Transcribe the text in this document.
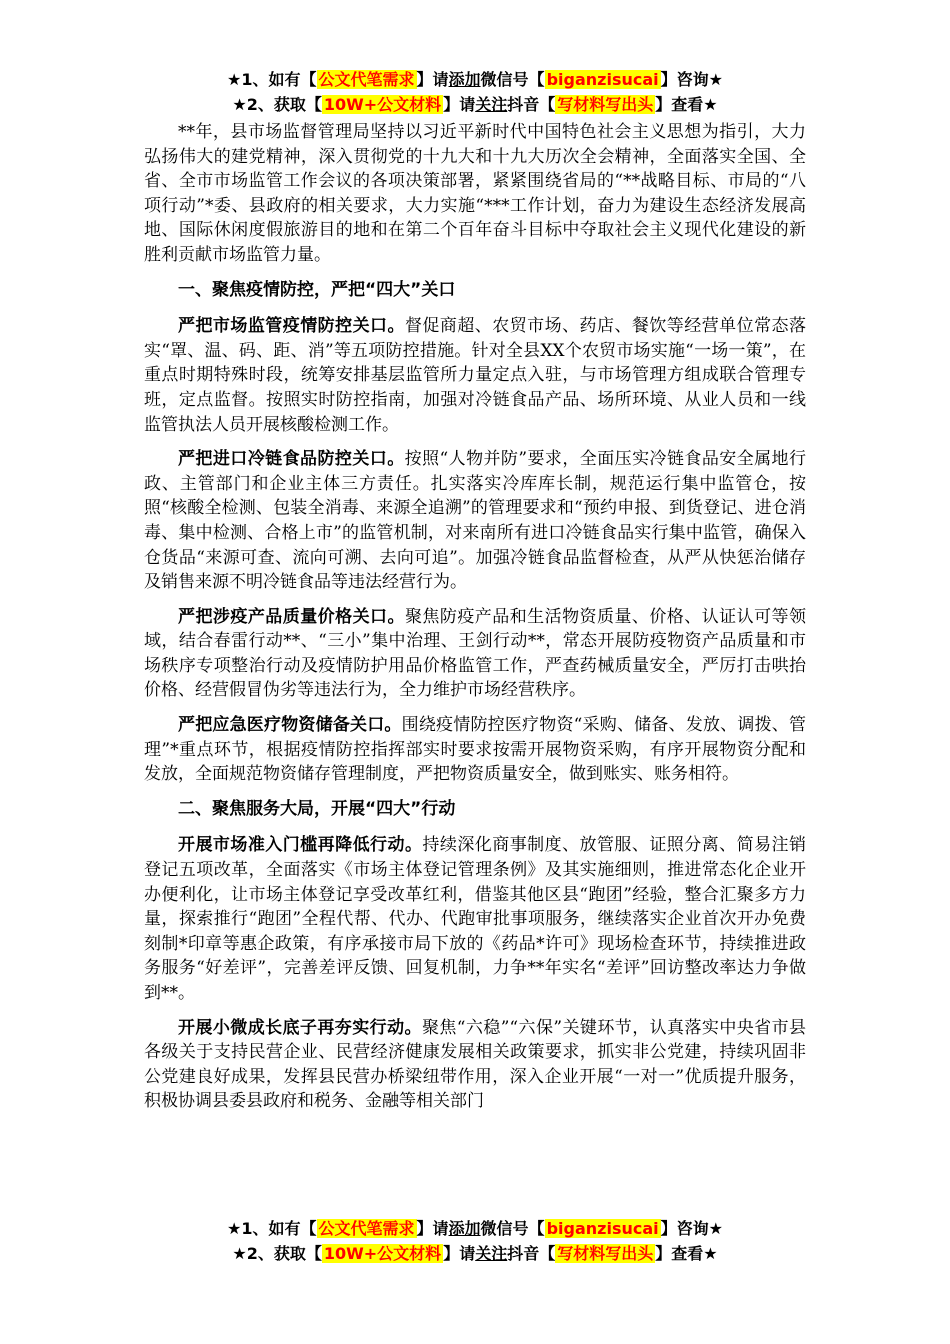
★1、如有【 公文代笔需求 】请添加微信号【 biganzisucai 】咨询★
★2、获取【 10W+公文材料 】请关注抖音【 写材料写出头 】查看★

**年，县市场监督管理局坚持以习近平新时代中国特色社会主义思想为指引，大力弘扬伟大的建党精神，深入贯彻党的十九大和十九大历次全会精神，全面落实全国、全省、全市市场监管工作会议的各项决策部署，紧紧围绕省局的“**战略目标、市局的“八项行动”*委、县政府的相关要求，大力实施“***工作计划，奋力为建设生态经济发展高地、国际休闲度假旅游目的地和在第二个百年奋斗目标中夺取社会主义现代化建设的新胜利贡献市场监管力量。

一、聚焦疫情防控，严把“四大”关口

严把市场监管疫情防控关口。督促商超、农贸市场、药店、餐饮等经营单位常态落实“罩、温、码、距、消”等五项防控措施。针对全县XX个农贸市场实施“一场一策”，在重点时期特殊时段，统筹安排基层监管所力量定点入驻，与市场管理方组成联合管理专班，定点监督。按照实时防控指南，加强对冷链食品产品、场所环境、从业人员和一线监管执法人员开展核酸检测工作。

严把进口冷链食品防控关口。按照“人物并防”要求，全面压实冷链食品安全属地行政、主管部门和企业主体三方责任。扎实落实冷库库长制，规范运行集中监管仓，按照“核酸全检测、包装全消毒、来源全追溯”的管理要求和“预约申报、到货登记、进仓消毒、集中检测、合格上市”的监管机制，对来南所有进口冷链食品实行集中监管，确保入仓货品“来源可查、流向可溯、去向可追”。加强冷链食品监督检查，从严从快惩治储存及销售来源不明冷链食品等违法经营行为。

严把涉疫产品质量价格关口。聚焦防疫产品和生活物资质量、价格、认证认可等领域，结合春雷行动**、“三小”集中治理、王剑行动**，常态开展防疫物资产品质量和市场秩序专项整治行动及疫情防护用品价格监管工作，严查药械质量安全，严厉打击哄抬价格、经营假冒伪劣等违法行为，全力维护市场经营秩序。

严把应急医疗物资储备关口。围绕疫情防控医疗物资“采购、储备、发放、调拨、管理”*重点环节，根据疫情防控指挥部实时要求按需开展物资采购，有序开展物资分配和发放，全面规范物资储存管理制度，严把物资质量安全，做到账实、账务相符。

二、聚焦服务大局，开展“四大”行动

开展市场准入门槛再降低行动。持续深化商事制度、放管服、证照分离、简易注销登记五项改革，全面落实《市场主体登记管理条例》及其实施细则，推进常态化企业开办便利化，让市场主体登记享受改革红利，借鉴其他区县“跑团”经验，整合汇聚多方力量，探索推行“跑团”全程代帮、代办、代跑审批事项服务，继续落实企业首次开办免费刻制*印章等惠企政策，有序承接市局下放的《药品*许可》现场检查环节，持续推进政务服务“好差评”，完善差评反馈、回复机制，力争**年实名“差评”回访整改率达力争做到**。

开展小微成长底子再夯实行动。聚焦“六稳”“六保”关键环节，认真落实中央省市县各级关于支持民营企业、民营经济健康发展相关政策要求，抓实非公党建，持续巩固非公党建良好成果，发挥县民营办桥梁纽带作用，深入企业开展“一对一”优质提升服务，积极协调县委县政府和税务、金融等相关部门

★1、如有【 公文代笔需求 】请添加微信号【 biganzisucai 】咨询★
★2、获取【 10W+公文材料 】请关注抖音【 写材料写出头 】查看★
